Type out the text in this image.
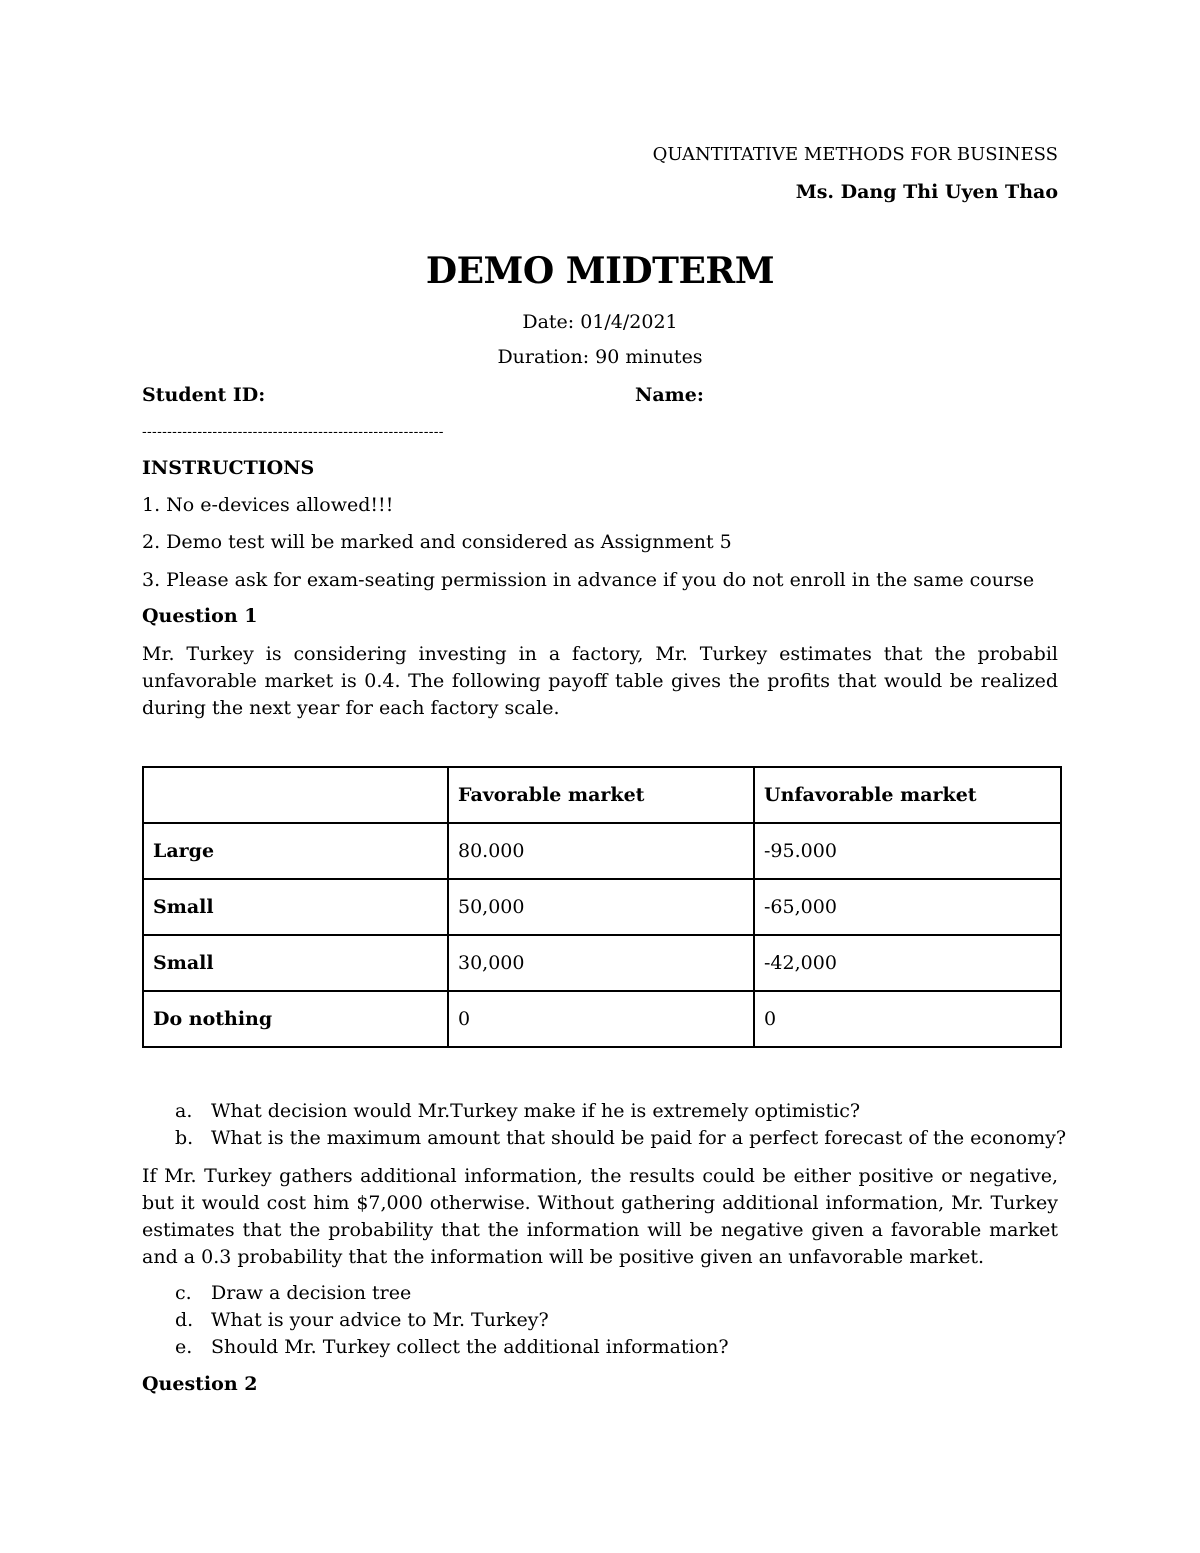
QUANTITATIVE METHODS FOR BUSINESS
Ms. Dang Thi Uyen Thao
DEMO MIDTERM
Date: 01/4/2021
Duration: 90 minutes
Student ID:	Name:
------------------------------------------------------------
INSTRUCTIONS
1. No e-devices allowed!!!
2. Demo test will be marked and considered as Assignment 5
3. Please ask for exam-seating permission in advance if you do not enroll in the same course
Question 1
Mr. Turkey is considering investing in a factory, Mr. Turkey estimates that the probabil unfavorable market is 0.4. The following payoff table gives the profits that would be realized during the next year for each factory scale.
	Favorable market	Unfavorable market
Large	80.000	-95.000
Small	50,000	-65,000
Small	30,000	-42,000
Do nothing	0	0
a. What decision would Mr.Turkey make if he is extremely optimistic?
b. What is the maximum amount that should be paid for a perfect forecast of the economy?
If Mr. Turkey gathers additional information, the results could be either positive or negative, but it would cost him $7,000 otherwise. Without gathering additional information, Mr. Turkey estimates that the probability that the information will be negative given a favorable market and a 0.3 probability that the information will be positive given an unfavorable market.
c. Draw a decision tree
d. What is your advice to Mr. Turkey?
e. Should Mr. Turkey collect the additional information?
Question 2
